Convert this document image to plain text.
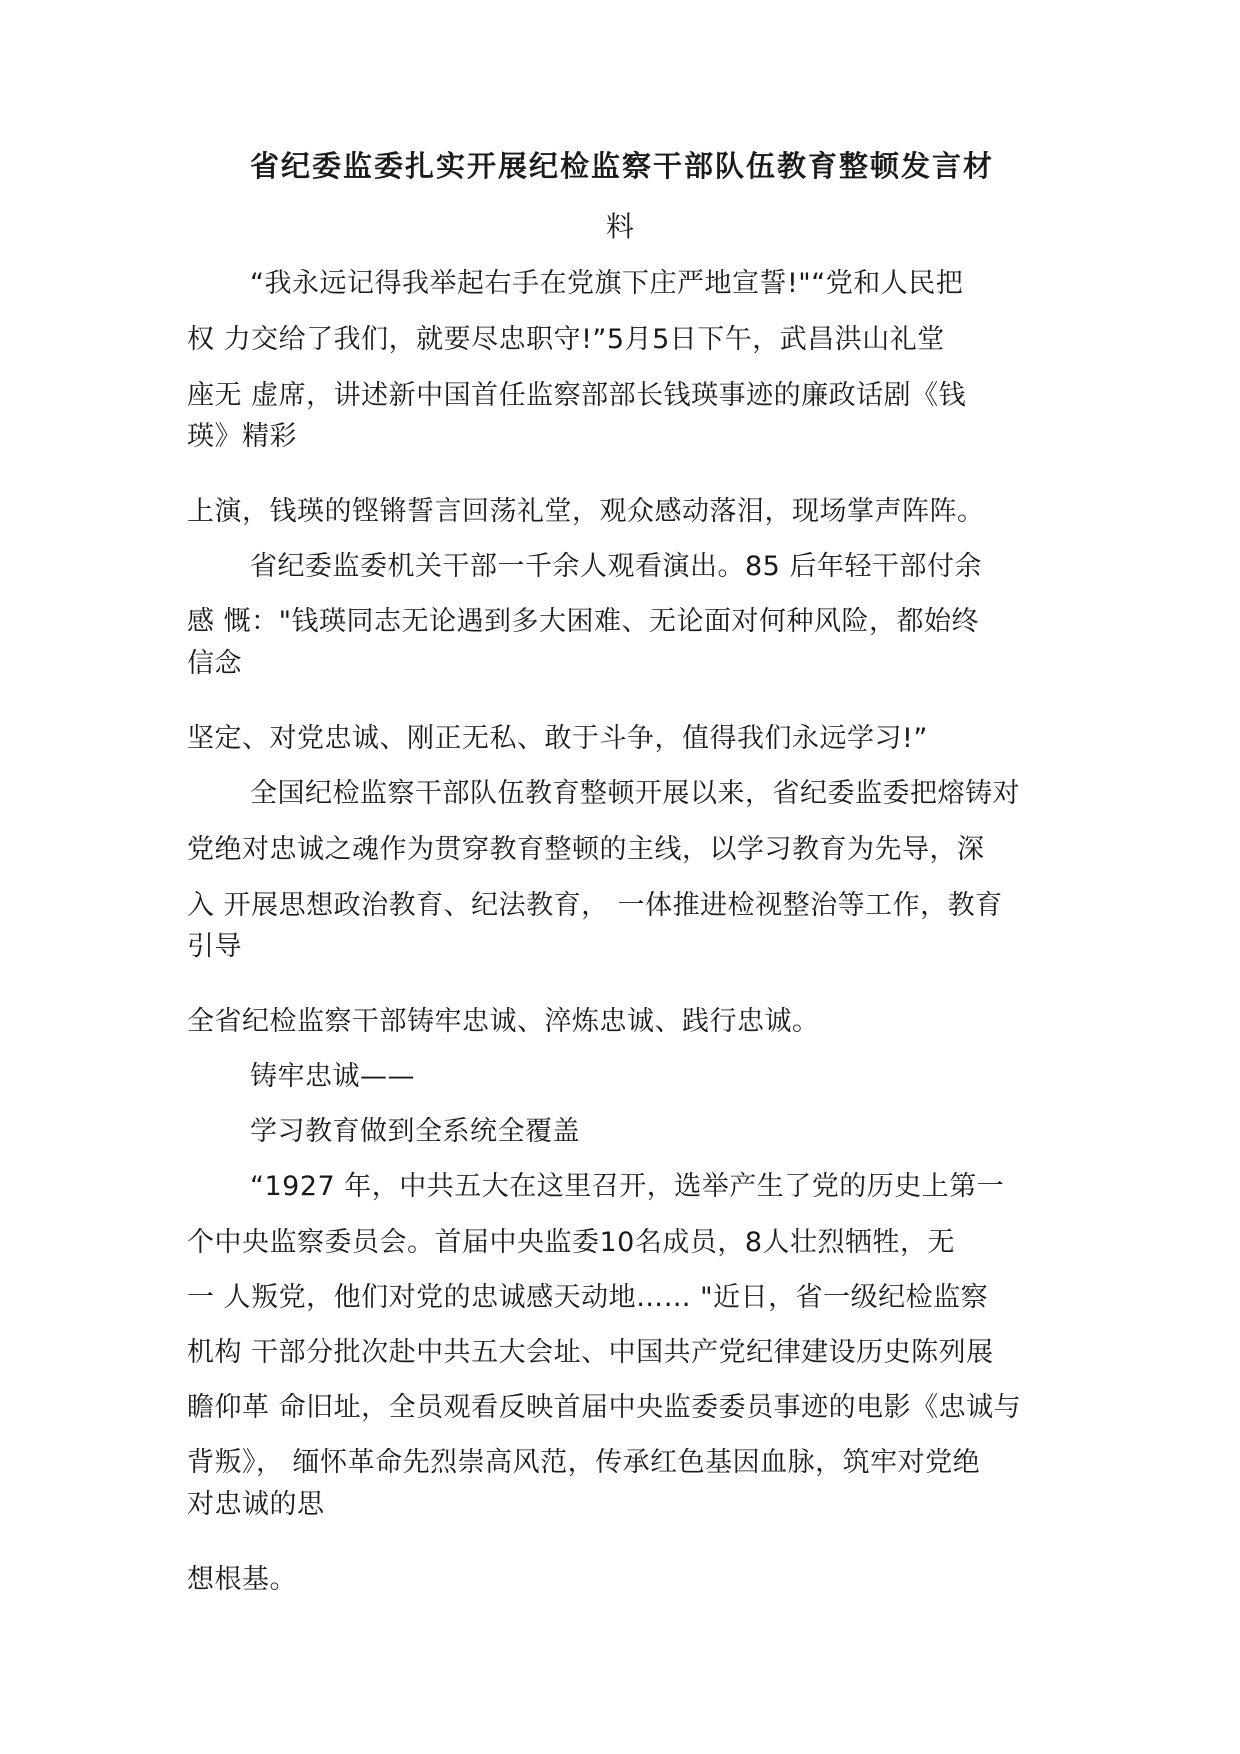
省纪委监委扎实开展纪检监察干部队伍教育整顿发言材
料
“我永远记得我举起右手在党旗下庄严地宣誓!"“党和人民把
权 力交给了我们，就要尽忠职守!”5月5日下午，武昌洪山礼堂
座无 虚席，讲述新中国首任监察部部长钱瑛事迹的廉政话剧《钱
瑛》精彩
上演，钱瑛的铿锵誓言回荡礼堂，观众感动落泪，现场掌声阵阵。
省纪委监委机关干部一千余人观看演出。85 后年轻干部付余
感 慨："钱瑛同志无论遇到多大困难、无论面对何种风险，都始终
信念
坚定、对党忠诚、刚正无私、敢于斗争，值得我们永远学习!”
全国纪检监察干部队伍教育整顿开展以来，省纪委监委把熔铸对
党绝对忠诚之魂作为贯穿教育整顿的主线，以学习教育为先导，深
入 开展思想政治教育、纪法教育， 一体推进检视整治等工作，教育
引导
全省纪检监察干部铸牢忠诚、淬炼忠诚、践行忠诚。
铸牢忠诚——
学习教育做到全系统全覆盖
“1927 年，中共五大在这里召开，选举产生了党的历史上第一
个中央监察委员会。首届中央监委10名成员，8人壮烈牺牲，无
一 人叛党，他们对党的忠诚感天动地…… "近日，省一级纪检监察
机构 干部分批次赴中共五大会址、中国共产党纪律建设历史陈列展
瞻仰革 命旧址，全员观看反映首届中央监委委员事迹的电影《忠诚与
背叛》， 缅怀革命先烈崇高风范，传承红色基因血脉，筑牢对党绝
对忠诚的思
想根基。
